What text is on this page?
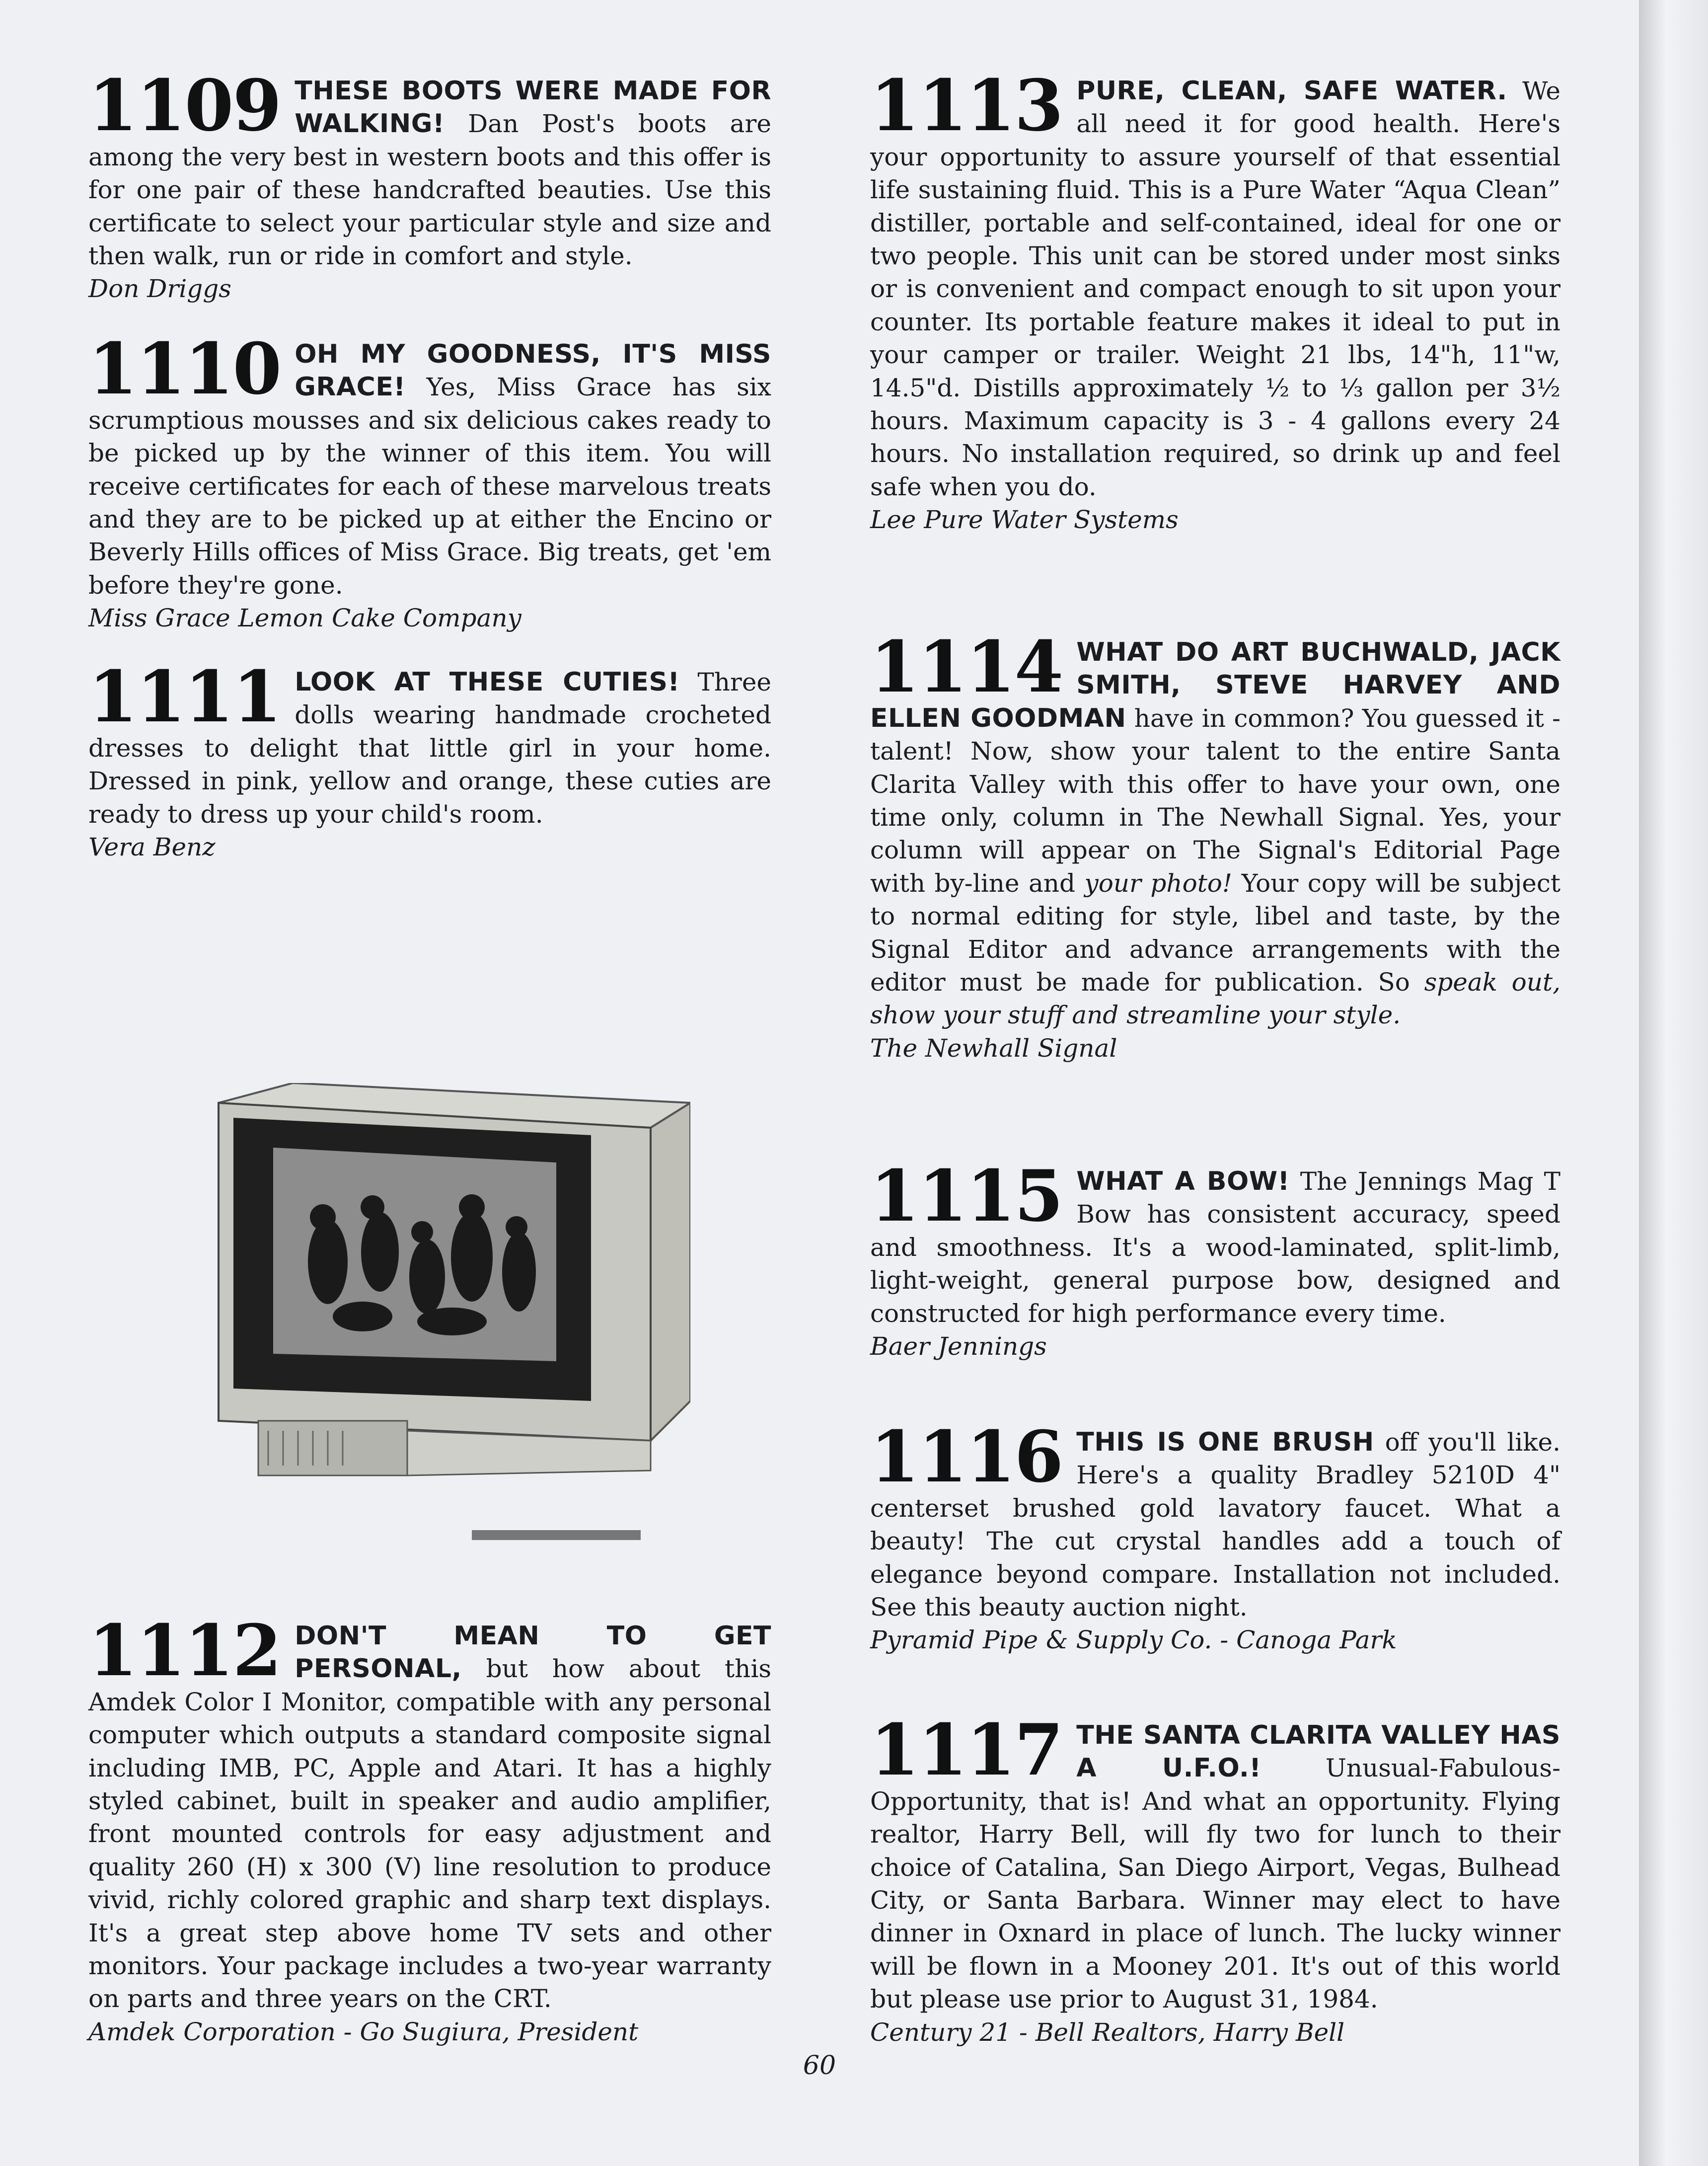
1109 THESE BOOTS WERE MADE FOR WALKING! Dan Post's boots are among the very best in western boots and this offer is for one pair of these handcrafted beauties. Use this certificate to select your particular style and size and then walk, run or ride in comfort and style.
Don Driggs

1110 OH MY GOODNESS, IT'S MISS GRACE! Yes, Miss Grace has six scrumptious mousses and six delicious cakes ready to be picked up by the winner of this item. You will receive certificates for each of these marvelous treats and they are to be picked up at either the Encino or Beverly Hills offices of Miss Grace. Big treats, get 'em before they're gone.
Miss Grace Lemon Cake Company

1111 LOOK AT THESE CUTIES! Three dolls wearing handmade crocheted dresses to delight that little girl in your home. Dressed in pink, yellow and orange, these cuties are ready to dress up your child's room.
Vera Benz

1112 DON'T MEAN TO GET PERSONAL, but how about this Amdek Color I Monitor, compatible with any personal computer which outputs a standard composite signal including IMB, PC, Apple and Atari. It has a highly styled cabinet, built in speaker and audio amplifier, front mounted controls for easy adjustment and quality 260 (H) x 300 (V) line resolution to produce vivid, richly colored graphic and sharp text displays. It's a great step above home TV sets and other monitors. Your package includes a two-year warranty on parts and three years on the CRT.
Amdek Corporation - Go Sugiura, President

1113 PURE, CLEAN, SAFE WATER. We all need it for good health. Here's your opportunity to assure yourself of that essential life sustaining fluid. This is a Pure Water “Aqua Clean” distiller, portable and self-contained, ideal for one or two people. This unit can be stored under most sinks or is convenient and compact enough to sit upon your counter. Its portable feature makes it ideal to put in your camper or trailer. Weight 21 lbs, 14"h, 11"w, 14.5"d. Distills approximately ½ to ⅓ gallon per 3½ hours. Maximum capacity is 3 - 4 gallons every 24 hours. No installation required, so drink up and feel safe when you do.
Lee Pure Water Systems

1114 WHAT DO ART BUCHWALD, JACK SMITH, STEVE HARVEY AND ELLEN GOODMAN have in common? You guessed it - talent! Now, show your talent to the entire Santa Clarita Valley with this offer to have your own, one time only, column in The Newhall Signal. Yes, your column will appear on The Signal's Editorial Page with by-line and your photo! Your copy will be subject to normal editing for style, libel and taste, by the Signal Editor and advance arrangements with the editor must be made for publication. So speak out, show your stuff and streamline your style.
The Newhall Signal

1115 WHAT A BOW! The Jennings Mag T Bow has consistent accuracy, speed and smoothness. It's a wood-laminated, split-limb, light-weight, general purpose bow, designed and constructed for high performance every time.
Baer Jennings

1116 THIS IS ONE BRUSH off you'll like. Here's a quality Bradley 5210D 4" centerset brushed gold lavatory faucet. What a beauty! The cut crystal handles add a touch of elegance beyond compare. Installation not included. See this beauty auction night.
Pyramid Pipe & Supply Co. - Canoga Park

1117 THE SANTA CLARITA VALLEY HAS A U.F.O.! Unusual-Fabulous-Opportunity, that is! And what an opportunity. Flying realtor, Harry Bell, will fly two for lunch to their choice of Catalina, San Diego Airport, Vegas, Bulhead City, or Santa Barbara. Winner may elect to have dinner in Oxnard in place of lunch. The lucky winner will be flown in a Mooney 201. It's out of this world but please use prior to August 31, 1984.
Century 21 - Bell Realtors, Harry Bell

60
